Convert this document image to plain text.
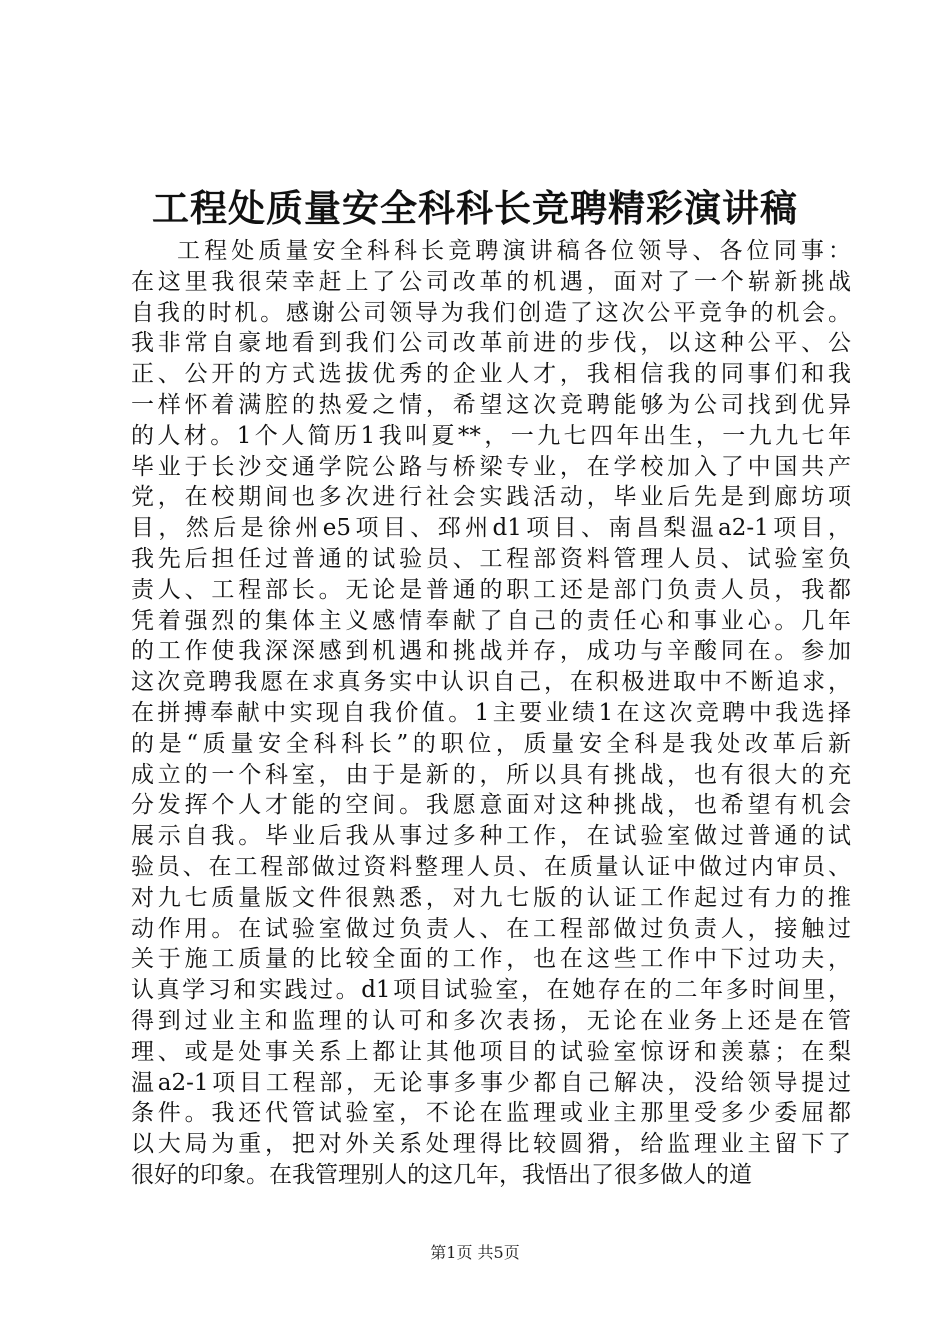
工程处质量安全科科长竞聘精彩演讲稿
工程处质量安全科科长竞聘演讲稿各位领导、各位同事：
在这里我很荣幸赶上了公司改革的机遇，面对了一个崭新挑战
自我的时机。感谢公司领导为我们创造了这次公平竞争的机会。
我非常自豪地看到我们公司改革前进的步伐，以这种公平、公
正、公开的方式选拔优秀的企业人才，我相信我的同事们和我
一样怀着满腔的热爱之情，希望这次竞聘能够为公司找到优异
的人材。1个人简历1我叫夏**，一九七四年出生，一九九七年
毕业于长沙交通学院公路与桥梁专业，在学校加入了中国共产
党，在校期间也多次进行社会实践活动，毕业后先是到廊坊项
目，然后是徐州e5项目、邳州d1项目、南昌梨温a2-1项目，
我先后担任过普通的试验员、工程部资料管理人员、试验室负
责人、工程部长。无论是普通的职工还是部门负责人员，我都
凭着强烈的集体主义感情奉献了自己的责任心和事业心。几年
的工作使我深深感到机遇和挑战并存，成功与辛酸同在。参加
这次竞聘我愿在求真务实中认识自己，在积极进取中不断追求，
在拼搏奉献中实现自我价值。1主要业绩1在这次竞聘中我选择
的是“质量安全科科长”的职位，质量安全科是我处改革后新
成立的一个科室，由于是新的，所以具有挑战，也有很大的充
分发挥个人才能的空间。我愿意面对这种挑战，也希望有机会
展示自我。毕业后我从事过多种工作，在试验室做过普通的试
验员、在工程部做过资料整理人员、在质量认证中做过内审员、
对九七质量版文件很熟悉，对九七版的认证工作起过有力的推
动作用。在试验室做过负责人、在工程部做过负责人，接触过
关于施工质量的比较全面的工作，也在这些工作中下过功夫，
认真学习和实践过。d1项目试验室，在她存在的二年多时间里，
得到过业主和监理的认可和多次表扬，无论在业务上还是在管
理、或是处事关系上都让其他项目的试验室惊讶和羡慕；在梨
温a2-1项目工程部，无论事多事少都自己解决，没给领导提过
条件。我还代管试验室，不论在监理或业主那里受多少委屈都
以大局为重，把对外关系处理得比较圆猾，给监理业主留下了
很好的印象。在我管理别人的这几年，我悟出了很多做人的道
第1页 共5页
